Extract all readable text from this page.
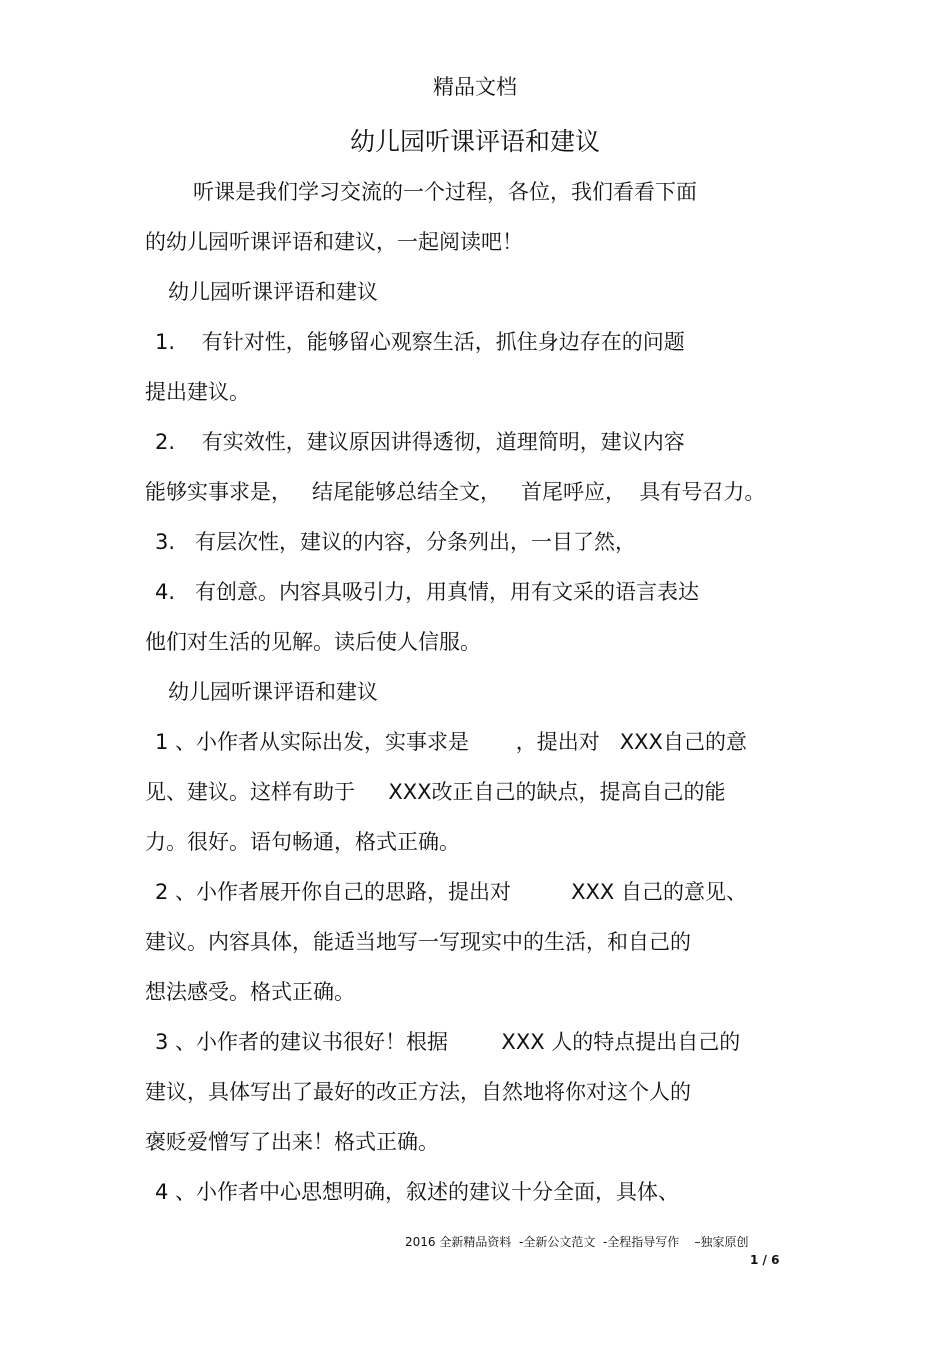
精品文档
幼儿园听课评语和建议
听课是我们学习交流的一个过程，各位，我们看看下面
的幼儿园听课评语和建议，一起阅读吧！
幼儿园听课评语和建议
1.    有针对性，能够留心观察生活，抓住身边存在的问题
提出建议。
2.    有实效性，建议原因讲得透彻，道理简明，建议内容
能够实事求是，   结尾能够总结全文，   首尾呼应，  具有号召力。
3.   有层次性，建议的内容，分条列出，一目了然，
4.   有创意。内容具吸引力，用真情，用有文采的语言表达
他们对生活的见解。读后使人信服。
幼儿园听课评语和建议
1 、小作者从实际出发，实事求是       ，提出对   XXX自己的意
见、建议。这样有助于     XXX改正自己的缺点，提高自己的能
力。很好。语句畅通，格式正确。
2 、小作者展开你自己的思路，提出对         XXX 自己的意见、
建议。内容具体，能适当地写一写现实中的生活，和自己的
想法感受。格式正确。
3 、小作者的建议书很好！根据        XXX 人的特点提出自己的
建议，具体写出了最好的改正方法，自然地将你对这个人的
褒贬爱憎写了出来！格式正确。
4 、小作者中心思想明确，叙述的建议十分全面，具体、
2016 全新精品资料  -全新公文范文  -全程指导写作    –独家原创
1 / 6
